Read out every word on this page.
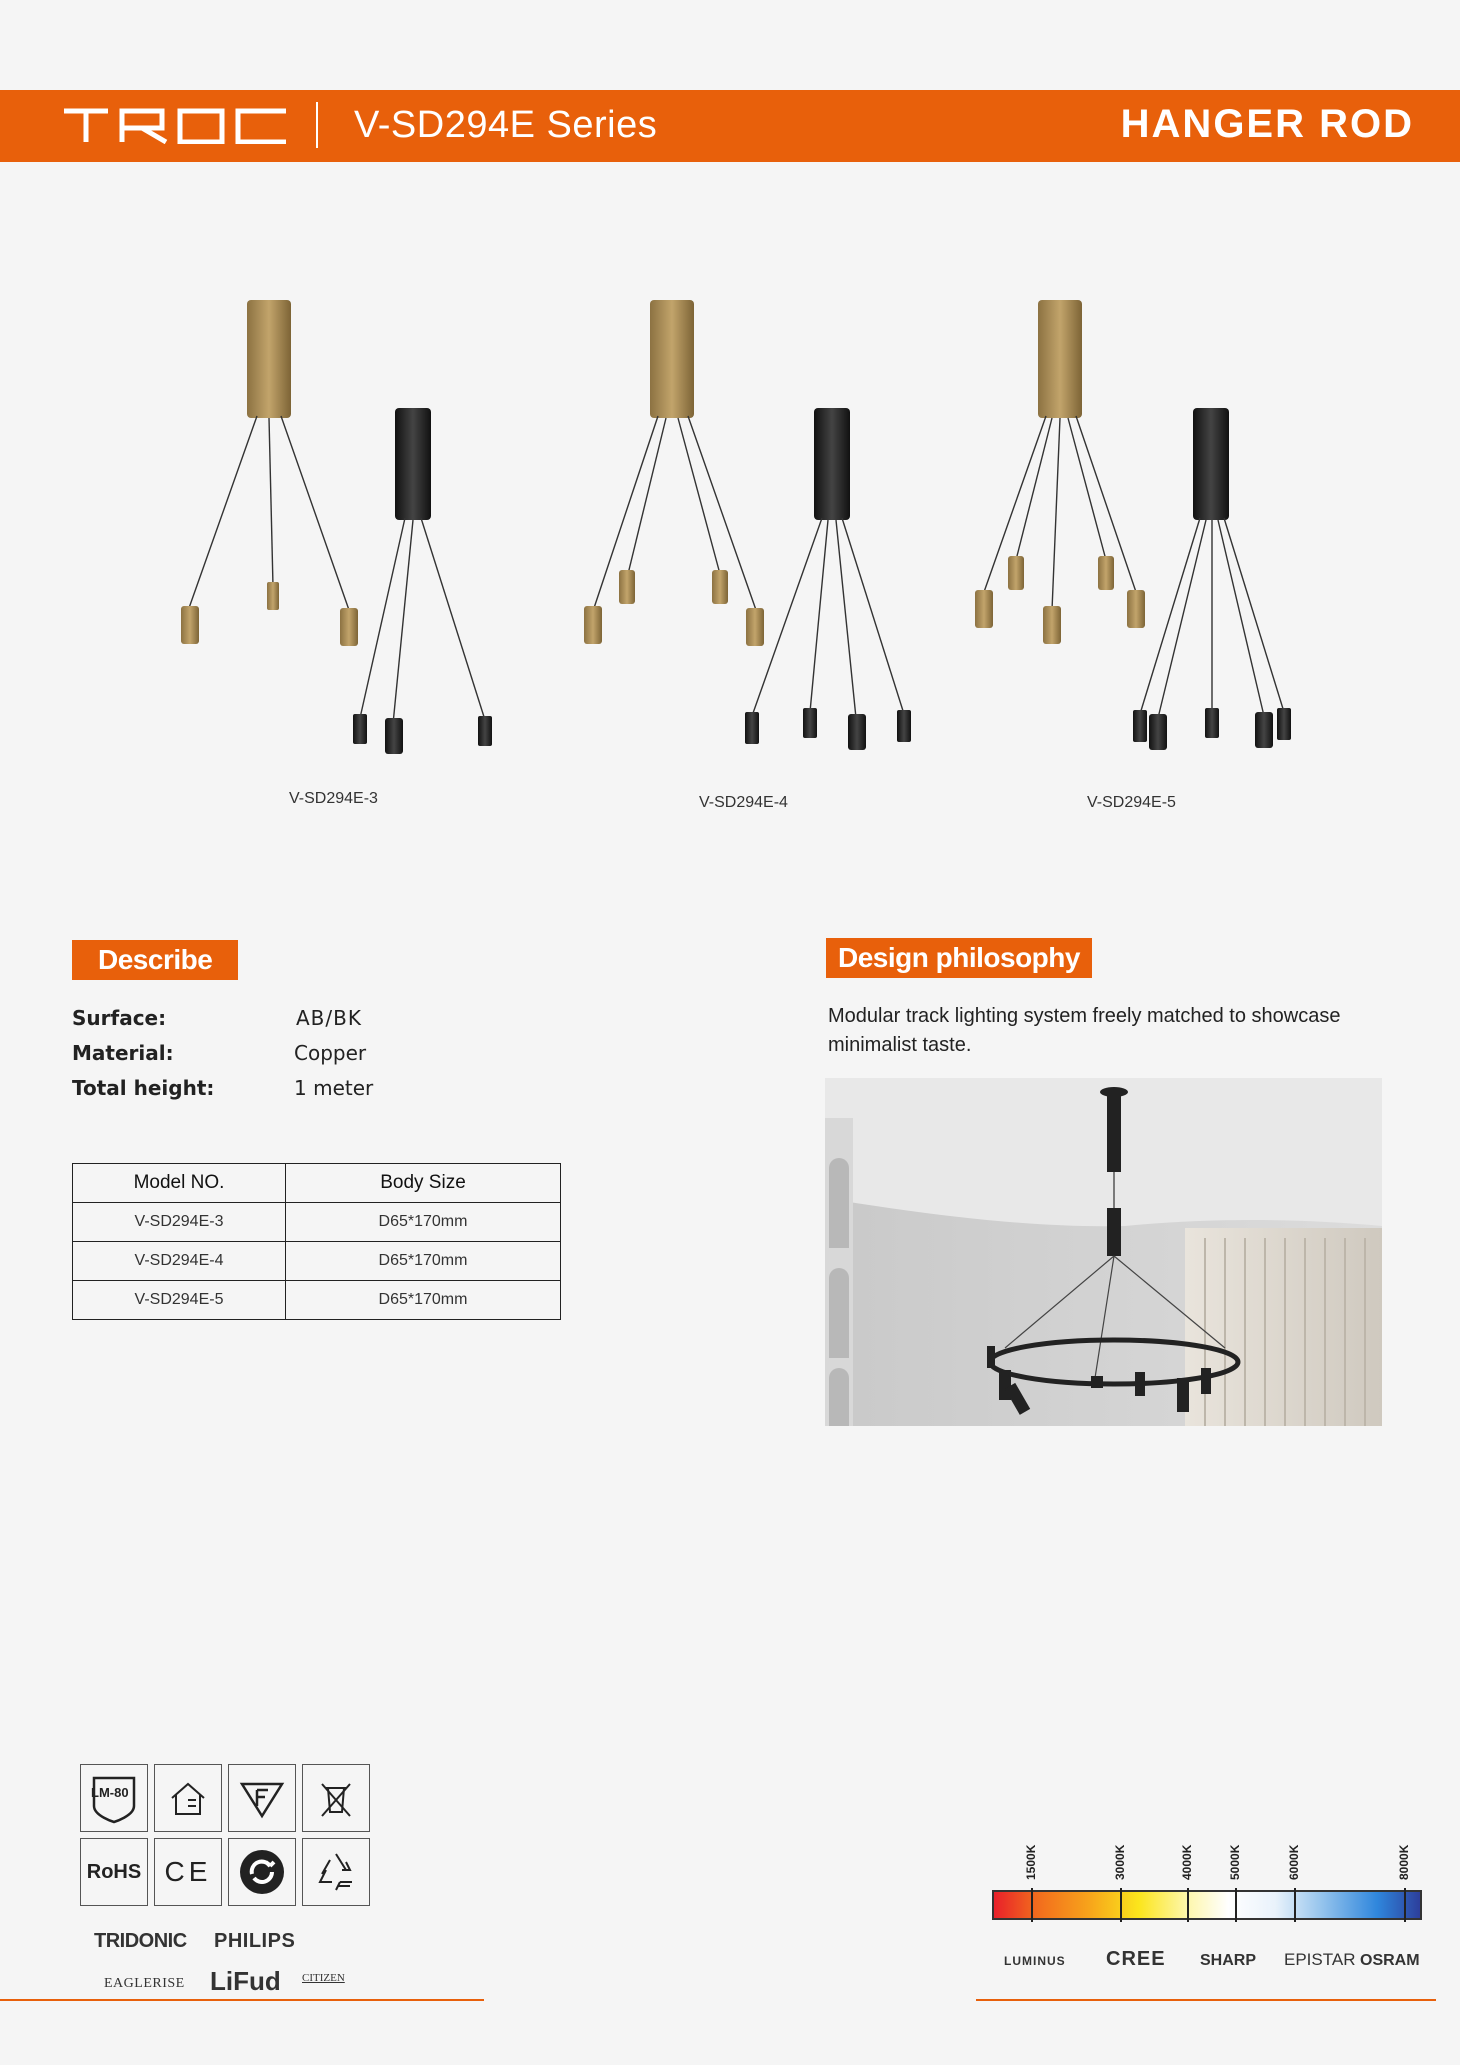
V-SD294E Series	HANGER ROD
V-SD294E-3	V-SD294E-4	V-SD294E-5
Describe
Surface:	AB/BK
Material:	Copper
Total height:	1 meter
Model NO.	Body Size
V-SD294E-3	D65*170mm
V-SD294E-4	D65*170mm
V-SD294E-5	D65*170mm
Design philosophy
Modular track lighting system freely matched to showcase minimalist taste.
LM-80
RoHS CE
TRIDONIC PHILIPS
EAGLERISE LiFud CITIZEN
1500K	3000K	4000K	5000K	6000K	8000K
LUMINUS CREE SHARP EPISTAR OSRAM
